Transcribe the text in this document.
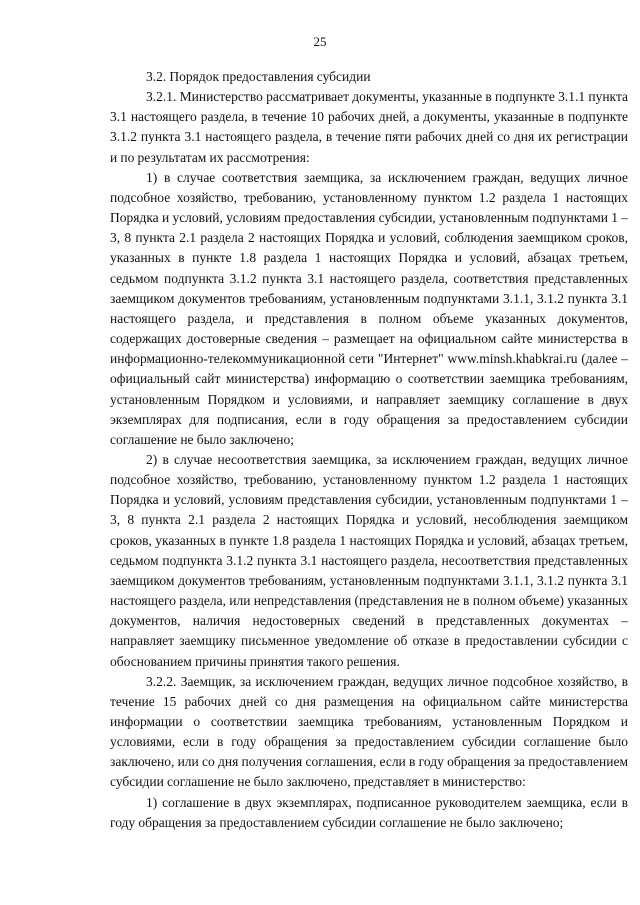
25

3.2. Порядок предоставления субсидии

3.2.1. Министерство рассматривает документы, указанные в подпункте 3.1.1 пункта 3.1 настоящего раздела, в течение 10 рабочих дней, а документы, указанные в подпункте 3.1.2 пункта 3.1 настоящего раздела, в течение пяти рабочих дней со дня их регистрации и по результатам их рассмотрения:

1) в случае соответствия заемщика, за исключением граждан, ведущих личное подсобное хозяйство, требованию, установленному пунктом 1.2 раздела 1 настоящих Порядка и условий, условиям предоставления субсидии, установленным подпунктами 1 – 3, 8 пункта 2.1 раздела 2 настоящих Порядка и условий, соблюдения заемщиком сроков, указанных в пункте 1.8 раздела 1 настоящих Порядка и условий, абзацах третьем, седьмом подпункта 3.1.2 пункта 3.1 настоящего раздела, соответствия представленных заемщиком документов требованиям, установленным подпунктами 3.1.1, 3.1.2 пункта 3.1 настоящего раздела, и представления в полном объеме указанных документов, содержащих достоверные сведения – размещает на официальном сайте министерства в информационно-телекоммуникационной сети "Интернет" www.minsh.khabkrai.ru (далее – официальный сайт министерства) информацию о соответствии заемщика требованиям, установленным Порядком и условиями, и направляет заемщику соглашение в двух экземплярах для подписания, если в году обращения за предоставлением субсидии соглашение не было заключено;

2) в случае несоответствия заемщика, за исключением граждан, ведущих личное подсобное хозяйство, требованию, установленному пунктом 1.2 раздела 1 настоящих Порядка и условий, условиям представления субсидии, установленным подпунктами 1 – 3, 8 пункта 2.1 раздела 2 настоящих Порядка и условий, несоблюдения заемщиком сроков, указанных в пункте 1.8 раздела 1 настоящих Порядка и условий, абзацах третьем, седьмом подпункта 3.1.2 пункта 3.1 настоящего раздела, несоответствия представленных заемщиком документов требованиям, установленным подпунктами 3.1.1, 3.1.2 пункта 3.1 настоящего раздела, или непредставления (представления не в полном объеме) указанных документов, наличия недостоверных сведений в представленных документах – направляет заемщику письменное уведомление об отказе в предоставлении субсидии с обоснованием причины принятия такого решения.

3.2.2. Заемщик, за исключением граждан, ведущих личное подсобное хозяйство, в течение 15 рабочих дней со дня размещения на официальном сайте министерства информации о соответствии заемщика требованиям, установленным Порядком и условиями, если в году обращения за предоставлением субсидии соглашение было заключено, или со дня получения соглашения, если в году обращения за предоставлением субсидии соглашение не было заключено, представляет в министерство:

1) соглашение в двух экземплярах, подписанное руководителем заемщика, если в году обращения за предоставлением субсидии соглашение не было заключено;
